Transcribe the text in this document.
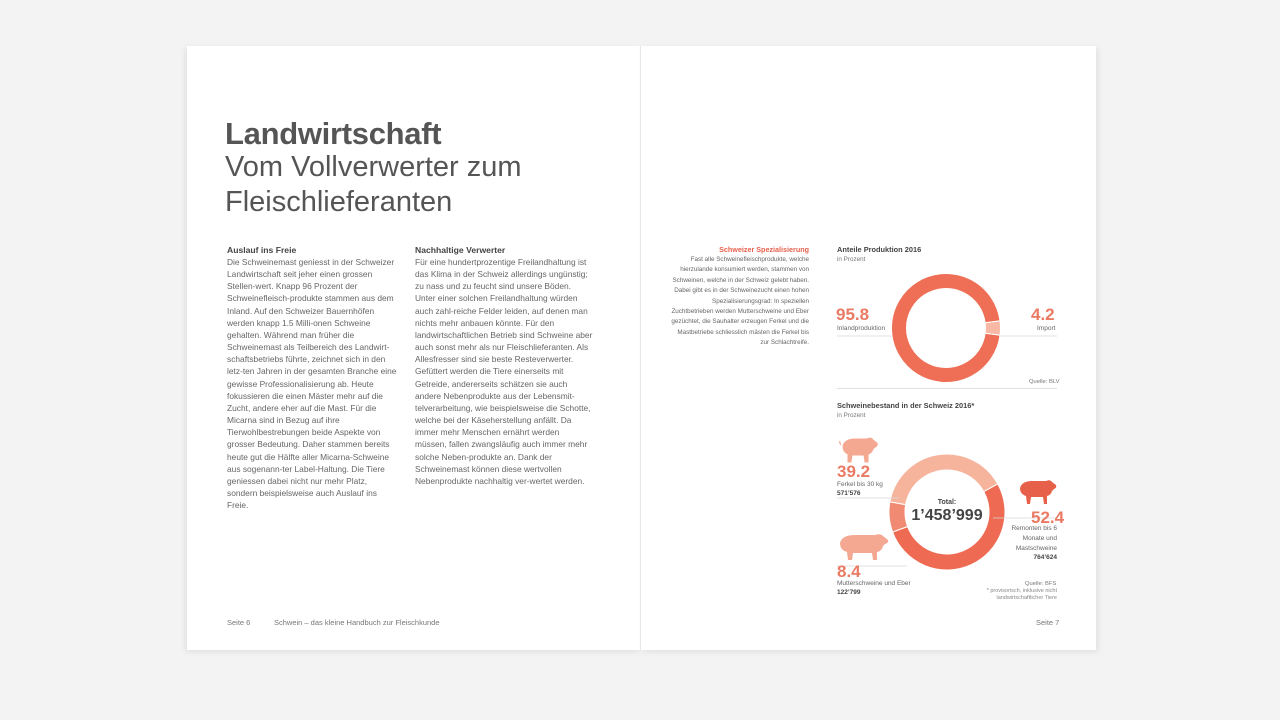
Landwirtschaft
Vom Vollverwerter zum Fleischlieferanten
Auslauf ins Freie

Die Schweinemast geniesst in der Schweizer Landwirtschaft seit jeher einen grossen Stellen-wert. Knapp 96 Prozent der Schweinefleisch-produkte stammen aus dem Inland. Auf den Schweizer Bauernhöfen werden knapp 1.5 Milli-onen Schweine gehalten. Während man früher die Schweinemast als Teilbereich des Landwirt-schaftsbetriebs führte, zeichnet sich in den letz-ten Jahren in der gesamten Branche eine gewisse Professionalisierung ab. Heute fokussieren die einen Mäster mehr auf die Zucht, andere eher auf die Mast. Für die Micarna sind in Bezug auf ihre Tierwohlbestrebungen beide Aspekte von grosser Bedeutung. Daher stammen bereits heute gut die Hälfte aller Micarna-Schweine aus sogenann-ter Label-Haltung. Die Tiere geniessen dabei nicht nur mehr Platz, sondern beispielsweise auch Auslauf ins Freie.

Nachhaltige Verwerter

Für eine hundertprozentige Freilandhaltung ist das Klima in der Schweiz allerdings ungünstig; zu nass und zu feucht sind unsere Böden. Unter einer solchen Freilandhaltung würden auch zahl-reiche Felder leiden, auf denen man nichts mehr anbauen könnte. Für den landwirtschaftlichen Betrieb sind Schweine aber auch sonst mehr als nur Fleischlieferanten. Als Allesfresser sind sie beste Resteverwerter. Gefüttert werden die Tiere einerseits mit Getreide, andererseits schätzen sie auch andere Nebenprodukte aus der Lebensmit-telverarbeitung, wie beispielsweise die Schotte, welche bei der Käseherstellung anfällt. Da immer mehr Menschen ernährt werden müssen, fallen zwangsläufig auch immer mehr solche Neben-produkte an. Dank der Schweinemast können diese wertvollen Nebenprodukte nachhaltig ver-wertet werden.

Seite 6	Schwein – das kleine Handbuch zur Fleischkunde
Schweizer Spezialisierung

Fast alle Schweinefleischprodukte, welche hierzulande konsumiert werden, stammen von Schweinen, welche in der Schweiz gelebt haben. Dabei gibt es in der Schweinezucht einen hohen Spezialisierungsgrad: In speziellen Zuchtbetrieben werden Mutterschweine und Eber gezüchtet, die Sauhalter erzeugen Ferkel und die Mastbetriebe schliesslich mästen die Ferkel bis zur Schlachtreife.

Anteile Produktion 2016
in Prozent
95.8
Inlandproduktion
4.2
Import
Quelle: BLV
Schweinebestand in der Schweiz 2016*
in Prozent
Total:
1’458’999
39.2
Ferkel bis 30 kg
571’576
52.4
Remonten bis 6 Monate und Mastschweine
764’624
8.4
Mutterschweine und Eber
122’799
Quelle: BFS
* provisorisch, inklusive nicht landwirtschaftlicher Tiere
Seite 7
